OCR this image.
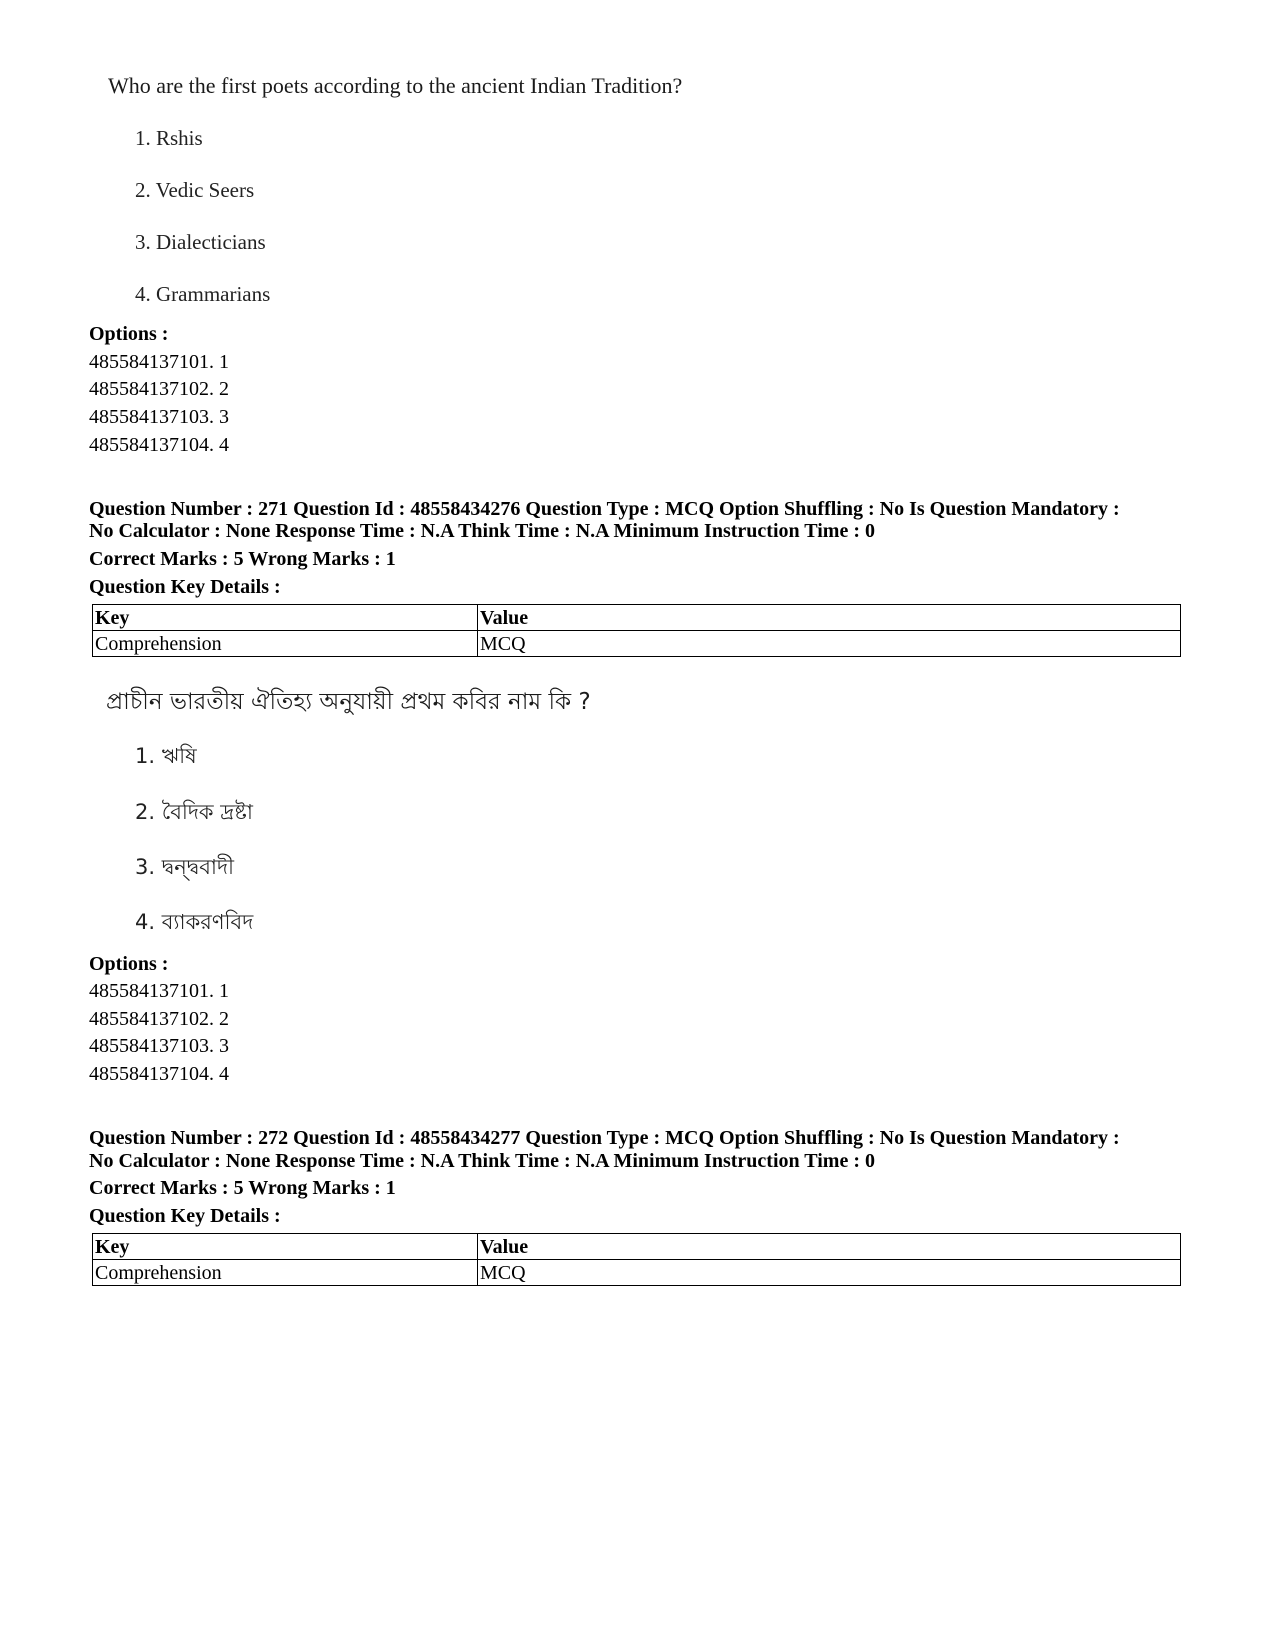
Who are the first poets according to the ancient Indian Tradition?
1. Rshis
2. Vedic Seers
3. Dialecticians
4. Grammarians
Options :
485584137101. 1
485584137102. 2
485584137103. 3
485584137104. 4
Question Number : 271 Question Id : 48558434276 Question Type : MCQ Option Shuffling : No Is Question Mandatory :
No Calculator : None Response Time : N.A Think Time : N.A Minimum Instruction Time : 0
Correct Marks : 5 Wrong Marks : 1
Question Key Details :
Key	Value
Comprehension	MCQ
প্রাচীন ভারতীয় ঐতিহ্য অনুযায়ী প্রথম কবির নাম কি ?
1. ঋষি
2. বৈদিক দ্রষ্টা
3. দ্বন্দ্ববাদী
4. ব্যাকরণবিদ
Options :
485584137101. 1
485584137102. 2
485584137103. 3
485584137104. 4
Question Number : 272 Question Id : 48558434277 Question Type : MCQ Option Shuffling : No Is Question Mandatory :
No Calculator : None Response Time : N.A Think Time : N.A Minimum Instruction Time : 0
Correct Marks : 5 Wrong Marks : 1
Question Key Details :
Key	Value
Comprehension	MCQ
